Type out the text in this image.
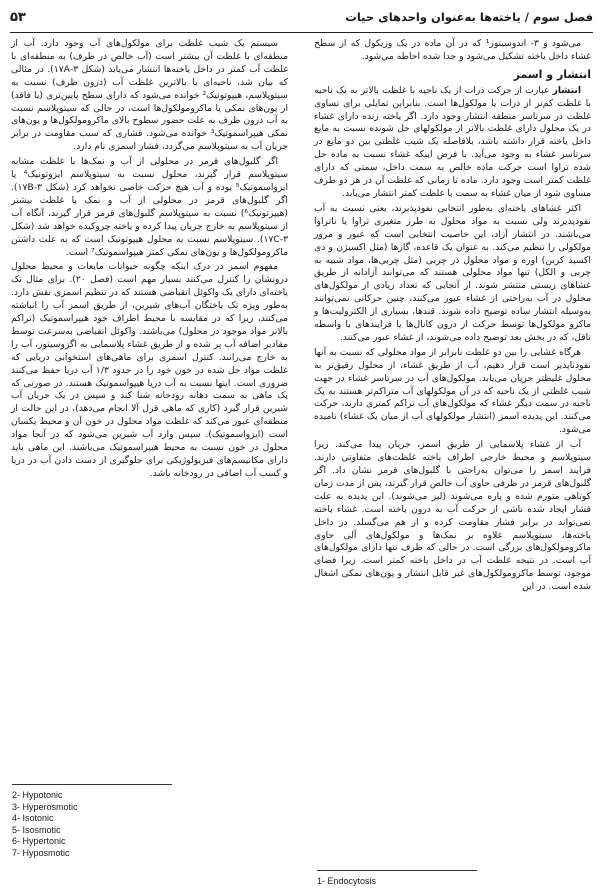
فصل سوم / یاخته‌ها به‌عنوان واحدهای حیات
۵۳

می‌شود و ۳- اندوسیتوز¹ که در آن ماده در یک وزیکول که از سطح غشاء داخل یاخته تشکیل می‌شود و جدا شده احاطه می‌شود.

انتشار و اسمز

انتشار عبارت از حرکت ذرات از یک ناحیه با غلظت بالاتر به یک ناحیه با غلظت کم‌تر از ذرات یا مولکول‌ها است. بنابراین تمایلی برای تساوی غلظت در سرتاسر منطقه انتشار وجود دارد. اگر یاخته زنده دارای غشاء در یک محلول دارای غلظت بالاتر از مولکولهای حل شونده نسبت به مایع داخل یاخته قرار داشته باشد، بلافاصله یک شیب غلظتی بین دو مایع در سرتاسر غشاء به وجود می‌آید. با فرض اینکه غشاء نسبت به ماده حل شده تراوا است حرکت ماده خالص به سمت داخل، سمتی که دارای غلظت کمتر است وجود دارد. ماده تا زمانی که غلظت آن در هر دو طرف مساوی شود از میان غشاء به سمت با غلظت کمتر انتشار می‌یابد.

اکثر غشاهای یاخته‌ای به‌طور انتخابی نفوذپذیرند، یعنی نسبت به آب نفوذپذیرند ولی نسبت به مواد محلول به طرز متغیری تراوا یا ناتراوا می‌باشند. در انتشار آزاد، این خاصیت انتخابی است که عبور و مرور مولکولی را تنظیم می‌کند. به عنوان یک قاعده، گازها (مثل اکسیژن و دی اکسید کربن) اوره و مواد محلول در چربی (مثل چربی‌ها، مواد شبیه به چربی و الکل) تنها مواد محلولی هستند که می‌توانند آزادانه از طریق غشاهای زیستی منتشر شوند. از آنجایی که تعداد زیادی از مولکول‌های محلول در آب به‌راحتی از غشاء عبور می‌کنند، چنین حرکاتی نمی‌توانند به‌وسیله انتشار ساده توضیح داده شوند. قندها، بسیاری از الکترولیت‌ها و ماکرو مولکول‌ها توسط حرکت از درون کانال‌ها یا فرایندهای با واسطه ناقل، که در بخش بعد توضیح داده می‌شوند، از غشاء عبور می‌کنند.

هرگاه غشایی را بین دو غلظت نابرابر از مواد محلولی که نسبت به آنها نفوذناپذیر است قرار دهیم، آب از طریق غشاء، از محلول رقیق‌تر به محلول غلیظتر جریان می‌یابد. مولکول‌های آب در سرتاسر غشاء در جهت شیب غلظتی از یک ناحیه که در آن مولکولهای آب متراکم‌تر هستند به یک ناحیه در سمت دیگر غشاء که مولکول‌های آب تراکم کمتری دارند، حرکت می‌کنند. این پدیده اسمز (انتشار مولکولهای آب از میان یک غشاء) نامیده می‌شود.

آب از غشاء پلاسمایی از طریق اسمز، جریان پیدا می‌کند. زیرا سیتوپلاسم و محیط خارجی اطراف یاخته غلظت‌های متفاوتی دارند. فرایند اسمز را می‌توان به‌راحتی با گلبول‌های قرمز نشان داد. اگر گلبول‌های قرمز در ظرفی حاوی آب خالص قرار گیرند، پس از مدت زمان کوتاهی متورم شده و پاره می‌شوند (لیز می‌شوند). این پدیده به علت فشار ایجاد شده ناشی از حرکت آب به درون یاخته است. غشاء یاخته نمی‌تواند در برابر فشار مقاومت کرده و از هم می‌گسلد. در داخل یاخته‌ها، سیتوپلاسم علاوه بر نمک‌ها و مولکول‌های آلی حاوی ماکرومولکول‌های بزرگی است. در حالی که ظرف تنها دارای مولکول‌های آب است. در نتیجه غلظت آب در داخل یاخته کمتر است. زیرا فضای موجود، توسط ماکرومولکول‌های غیر قابل انتشار و یون‌های نمکی اشغال شده است. در این

سیستم یک شیب غلظت برای مولکول‌های آب وجود دارد. آب از منطقه‌ای با غلظت آن بیشتر است (آب خالص در ظرف) به منطقه‌ای با غلظت آب کمتر در داخل یاخته‌ها انتشار می‌یابد (شکل ۳-۱۷A). در مثالی که بیان شد، ناحیه‌ای با بالاترین غلظت آب (درون ظرف) نسبت به سیتوپلاسم، هیپوتونیک² خوانده می‌شود که دارای سطح پایین‌تری (یا فاقد) از یون‌های نمکی یا ماکرومولکول‌ها است، در حالی که سیتوپلاسم نسبت به آب درون ظرف به علت حضور سطوح بالای ماکرومولکول‌ها و یون‌های نمکی هیپراسموتیک³ خوانده می‌شود. فشاری که سبب مقاومت در برابر جریان آب به سیتوپلاسم می‌گردد، فشار اسمزی نام دارد.

اگر گلبول‌های قرمز در محلولی از آب و نمک‌ها با غلظت مشابه سیتوپلاسم قرار گیرند، محلول نسبت به سیتوپلاسم ایزوتونیک⁴ یا ایزواسموتیک⁵ بوده و آب هیچ حرکت خاصی نخواهد کرد (شکل ۳-۱۷B). اگر گلبول‌های قرمز در محلولی از آب و نمک با غلظت بیشتر (هیپرتونیک⁶) نسبت به سیتوپلاسم گلبول‌های قرمز قرار گیرند، آنگاه آب از سیتوپلاسم به خارج جریان پیدا کرده و یاخته چروکیده خواهد شد (شکل ۳-۱۷C). سیتوپلاسم نسبت به محلول هیپوتونیک است که به علت داشتن ماکرومولکول‌ها و یون‌های نمکی کمتر هیپواسموتیک⁷ است.

مفهوم اسمز در درک اینکه چگونه حیوانات مایعات و محیط محلول درونشان را کنترل می‌کنند بسیار مهم است (فصل ۲۰). برای مثال تک یاخته‌ای دارای یک واکوئل انقباضی هستند که در تنظیم اسمزی نقش دارد. به‌طور ویژه تک یاختگان آب‌های شیرین، از طریق اسمز آب را انباشته می‌کنند، زیرا که در مقایسه با محیط اطراف خود هیپراسموتیک (تراکم بالاتر مواد موجود در محلول) می‌باشند. واکوئل انقباضی به‌سرعت توسط مقادیر اضافه آب پر شده و از طریق غشاء پلاسمایی به اگزوسیتوز، آب را به خارج می‌رانند. کنترل اسمزی برای ماهی‌های استخوانی دریایی که غلظت مواد حل شده در خون خود را در حدود ۱/۳ آب دریا حفظ می‌کنند ضروری است. اینها نسبت به آب دریا هیپواسموتیک هستند. در صورتی که یک ماهی به سمت دهانه رودخانه شنا کند و سپس در یک جریان آب شیرین قرار گیرد (کاری که ماهی قزل آلا انجام می‌دهد)، در این حالت از منطقه‌ای عبور می‌کند که غلظت مواد محلول در خون آن و محیط یکسان است (ایزواسموتیک). سپس وارد آب شیرین می‌شود که در آنجا مواد محلول در خون نسبت به محیط هیپراسموتیک می‌باشند. این ماهی باید دارای مکانیسم‌های فیزیولوژیکی برای جلوگیری از دست دادن آب در دریا و کسب آب اضافی در رودخانه باشد.

2- Hypotonic
3- Hyperosmotic
4- Isotonic
5- Isosmotic
6- Hypertonic
7- Hyposmotic
1- Endocytosis
